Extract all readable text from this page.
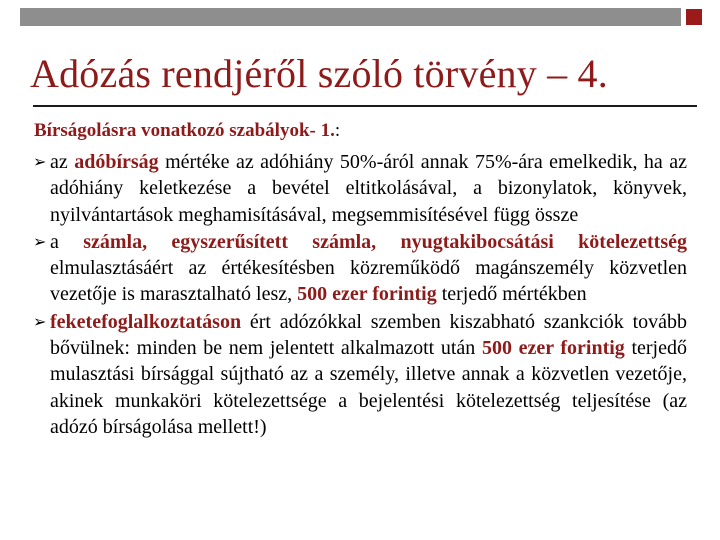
Adózás rendjéről szóló törvény – 4.
Bírságolásra vonatkozó szabályok- 1.:
➢ az adóbírság mértéke az adóhiány 50%-áról annak 75%-ára emelkedik, ha az adóhiány keletkezése a bevétel eltitkolásával, a bizonylatok, könyvek, nyilvántartások meghamisításával, megsemmisítésével függ össze
➢ a számla, egyszerűsített számla, nyugtakibocsátási kötelezettség elmulasztásáért az értékesítésben közreműködő magánszemély közvetlen vezetője is marasztalható lesz, 500 ezer forintig terjedő mértékben
➢ feketefoglalkoztatáson ért adózókkal szemben kiszabható szankciók tovább bővülnek: minden be nem jelentett alkalmazott után 500 ezer forintig terjedő mulasztási bírsággal sújtható az a személy, illetve annak a közvetlen vezetője, akinek munkaköri kötelezettsége a bejelentési kötelezettség teljesítése (az adózó bírságolása mellett!)
